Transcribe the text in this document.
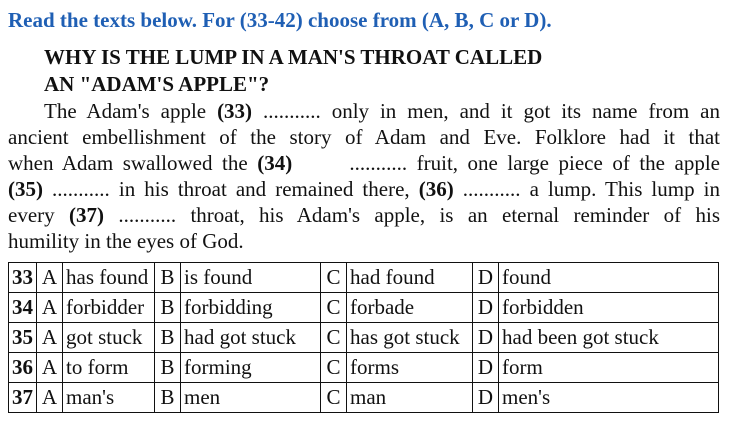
Read the texts below. For (33-42) choose from (A, B, C or D).
WHY IS THE LUMP IN A MAN'S THROAT CALLED
AN "ADAM'S APPLE"?
The Adam's apple (33) ........... only in men, and it got its name from an
ancient embellishment of the story of Adam and Eve. Folklore had it that
when Adam swallowed the (34)      ........... fruit, one large piece of the apple
(35) ........... in his throat and remained there, (36) ........... a lump. This lump in
every (37) ........... throat, his Adam's apple, is an eternal reminder of his
humility in the eyes of God.
33	A	has found	B	is found	C	had found	D	found
34	A	forbidder	B	forbidding	C	forbade	D	forbidden
35	A	got stuck	B	had got stuck	C	has got stuck	D	had been got stuck
36	A	to form	B	forming	C	forms	D	form
37	A	man's	B	men	C	man	D	men's
